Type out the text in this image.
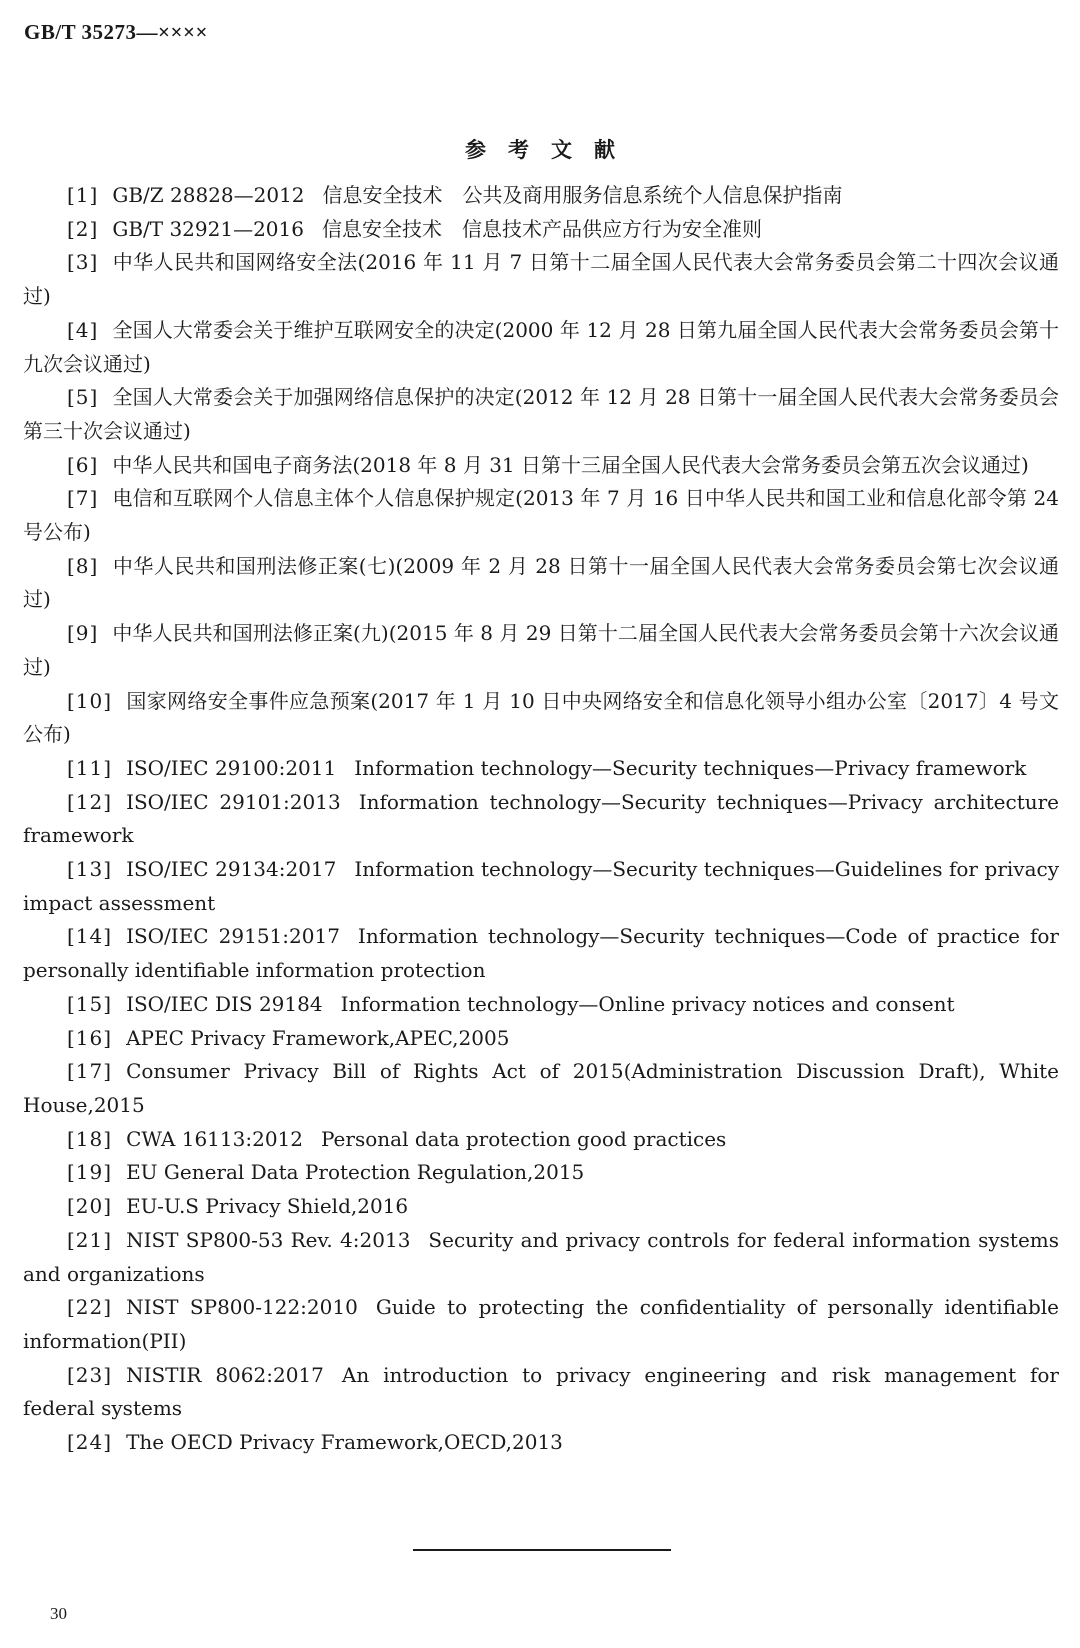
GB/T 35273—××××
参考文献

[1] GB/Z 28828—2012 信息安全技术　公共及商用服务信息系统个人信息保护指南

[2] GB/T 32921—2016 信息安全技术　信息技术产品供应方行为安全准则

[3] 中华人民共和国网络安全法(2016 年 11 月 7 日第十二届全国人民代表大会常务委员会第二十四次会议通过)

[4] 全国人大常委会关于维护互联网安全的决定(2000 年 12 月 28 日第九届全国人民代表大会常务委员会第十九次会议通过)

[5] 全国人大常委会关于加强网络信息保护的决定(2012 年 12 月 28 日第十一届全国人民代表大会常务委员会第三十次会议通过)

[6] 中华人民共和国电子商务法(2018 年 8 月 31 日第十三届全国人民代表大会常务委员会第五次会议通过)

[7] 电信和互联网个人信息主体个人信息保护规定(2013 年 7 月 16 日中华人民共和国工业和信息化部令第 24 号公布)

[8] 中华人民共和国刑法修正案(七)(2009 年 2 月 28 日第十一届全国人民代表大会常务委员会第七次会议通过)

[9] 中华人民共和国刑法修正案(九)(2015 年 8 月 29 日第十二届全国人民代表大会常务委员会第十六次会议通过)

[10] 国家网络安全事件应急预案(2017 年 1 月 10 日中央网络安全和信息化领导小组办公室〔2017〕4 号文公布)

[11] ISO/IEC 29100:2011 Information technology—Security techniques—Privacy framework

[12] ISO/IEC 29101:2013 Information technology—Security techniques—Privacy architecture framework

[13] ISO/IEC 29134:2017 Information technology—Security techniques—Guidelines for privacy impact assessment

[14] ISO/IEC 29151:2017 Information technology—Security techniques—Code of practice for personally identifiable information protection

[15] ISO/IEC DIS 29184 Information technology—Online privacy notices and consent

[16] APEC Privacy Framework,APEC,2005

[17] Consumer Privacy Bill of Rights Act of 2015(Administration Discussion Draft), White House,2015

[18] CWA 16113:2012 Personal data protection good practices

[19] EU General Data Protection Regulation,2015

[20] EU-U.S Privacy Shield,2016

[21] NIST SP800-53 Rev. 4:2013 Security and privacy controls for federal information systems and organizations

[22] NIST SP800-122:2010 Guide to protecting the confidentiality of personally identifiable information(PII)

[23] NISTIR 8062:2017 An introduction to privacy engineering and risk management for federal systems

[24] The OECD Privacy Framework,OECD,2013

30
